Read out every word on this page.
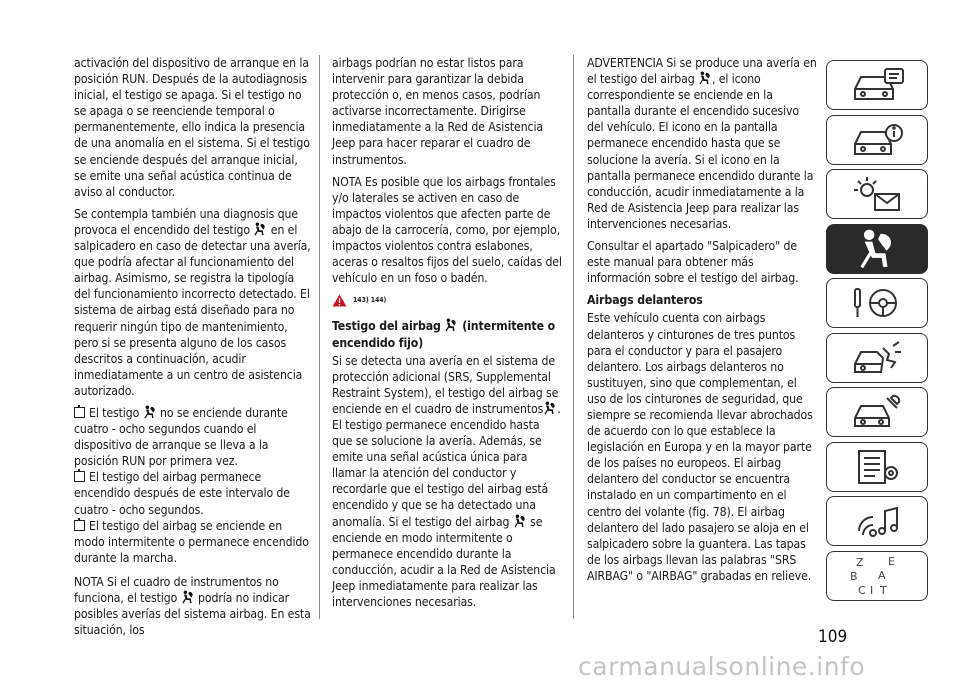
activación del dispositivo de arranque en la posición RUN. Después de la autodiagnosis inicial, el testigo se apaga. Si el testigo no se apaga o se reenciende temporal o permanentemente, ello indica la presencia de una anomalía en el sistema. Si el testigo se enciende después del arranque inicial, se emite una señal acústica continua de aviso al conductor.

Se contempla también una diagnosis que provoca el encendido del testigo en el salpicadero en caso de detectar una avería, que podría afectar al funcionamiento del airbag. Asimismo, se registra la tipología del funcionamiento incorrecto detectado. El sistema de airbag está diseñado para no requerir ningún tipo de mantenimiento, pero si se presenta alguno de los casos descritos a continuación, acudir inmediatamente a un centro de asistencia autorizado.

El testigo no se enciende durante cuatro - ocho segundos cuando el dispositivo de arranque se lleva a la posición RUN por primera vez.
El testigo del airbag permanece encendido después de este intervalo de cuatro - ocho segundos.
El testigo del airbag se enciende en modo intermitente o permanece encendido durante la marcha.

NOTA Si el cuadro de instrumentos no funciona, el testigo podría no indicar posibles averías del sistema airbag. En esta situación, los

airbags podrían no estar listos para intervenir para garantizar la debida protección o, en menos casos, podrían activarse incorrectamente. Dirigirse inmediatamente a la Red de Asistencia Jeep para hacer reparar el cuadro de instrumentos.

NOTA Es posible que los airbags frontales y/o laterales se activen en caso de impactos violentos que afecten parte de abajo de la carrocería, como, por ejemplo, impactos violentos contra eslabones, aceras o resaltos fijos del suelo, caídas del vehículo en un foso o badén.

143) 144)

Testigo del airbag (intermitente o encendido fijo)

Si se detecta una avería en el sistema de protección adicional (SRS, Supplemental Restraint System), el testigo del airbag se enciende en el cuadro de instrumentos . El testigo permanece encendido hasta que se solucione la avería. Además, se emite una señal acústica única para llamar la atención del conductor y recordarle que el testigo del airbag está encendido y que se ha detectado una anomalía. Si el testigo del airbag se enciende en modo intermitente o permanece encendido durante la conducción, acudir a la Red de Asistencia Jeep inmediatamente para realizar las intervenciones necesarias.

ADVERTENCIA Si se produce una avería en el testigo del airbag , el icono correspondiente se enciende en la pantalla durante el encendido sucesivo del vehículo. El icono en la pantalla permanece encendido hasta que se solucione la avería. Si el icono en la pantalla permanece encendido durante la conducción, acudir inmediatamente a la Red de Asistencia Jeep para realizar las intervenciones necesarias.

Consultar el apartado "Salpicadero" de este manual para obtener más información sobre el testigo del airbag.

Airbags delanteros

Este vehículo cuenta con airbags delanteros y cinturones de tres puntos para el conductor y para el pasajero delantero. Los airbags delanteros no sustituyen, sino que complementan, el uso de los cinturones de seguridad, que siempre se recomienda llevar abrochados de acuerdo con lo que establece la legislación en Europa y en la mayor parte de los países no europeos. El airbag delantero del conductor se encuentra instalado en un compartimento en el centro del volante (fig. 78). El airbag delantero del lado pasajero se aloja en el salpicadero sobre la guantera. Las tapas de los airbags llevan las palabras "SRS AIRBAG" o "AIRBAG" grabadas en relieve.

Z E
B A
C I T
109
carmanualsonline.info
